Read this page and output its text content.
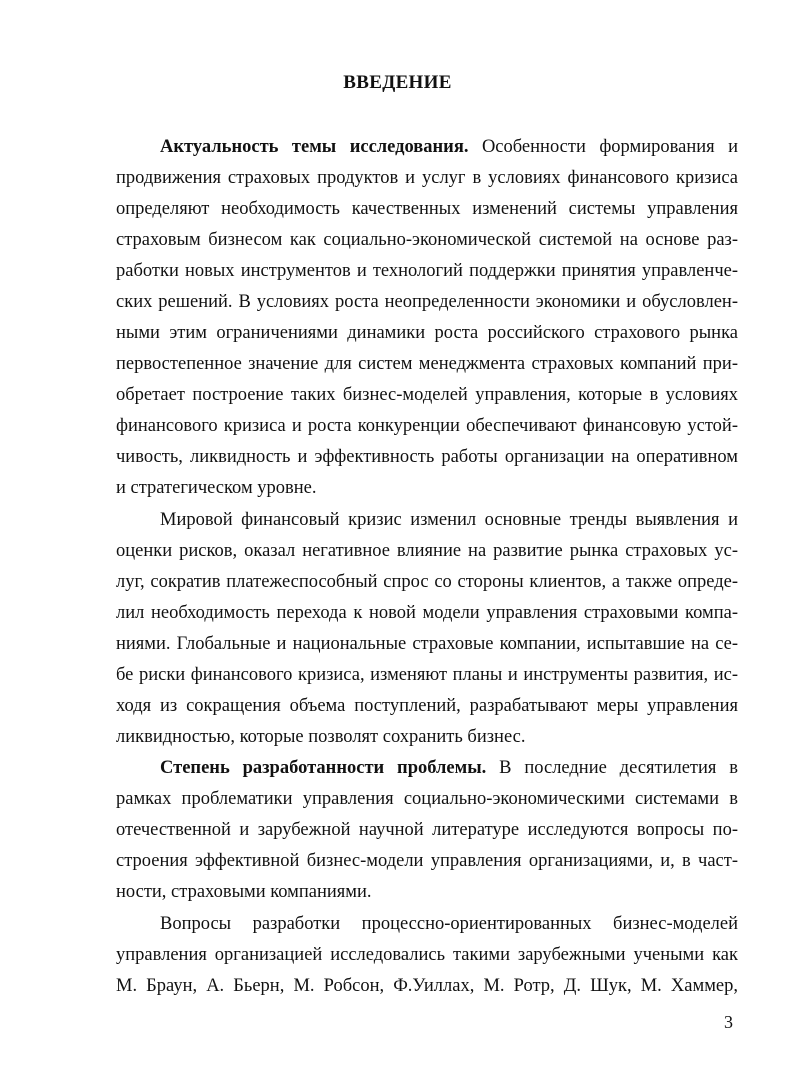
ВВЕДЕНИЕ
Актуальность темы исследования. Особенности формирования и
продвижения страховых продуктов и услуг в условиях финансового кризиса
определяют необходимость качественных изменений системы управления
страховым бизнесом как социально-экономической системой на основе раз-
работки новых инструментов и технологий поддержки принятия управленче-
ских решений. В условиях роста неопределенности экономики и обусловлен-
ными этим ограничениями динамики роста российского страхового рынка
первостепенное значение для систем менеджмента страховых компаний при-
обретает построение таких бизнес-моделей управления, которые в условиях
финансового кризиса и роста конкуренции обеспечивают финансовую устой-
чивость, ликвидность и эффективность работы организации на оперативном
и стратегическом уровне.
Мировой финансовый кризис изменил основные тренды выявления и
оценки рисков, оказал негативное влияние на развитие рынка страховых ус-
луг, сократив платежеспособный спрос со стороны клиентов, а также опреде-
лил необходимость перехода к новой модели управления страховыми компа-
ниями. Глобальные и национальные страховые компании, испытавшие на се-
бе риски финансового кризиса, изменяют планы и инструменты развития, ис-
ходя из сокращения объема поступлений, разрабатывают меры управления
ликвидностью, которые позволят сохранить бизнес.
Степень разработанности проблемы. В последние десятилетия в
рамках проблематики управления социально-экономическими системами в
отечественной и зарубежной научной литературе исследуются вопросы по-
строения эффективной бизнес-модели управления организациями, и, в част-
ности, страховыми компаниями.
Вопросы разработки процессно-ориентированных бизнес-моделей
управления организацией исследовались такими зарубежными учеными как
М. Браун, А. Бьерн, М. Робсон, Ф.Уиллах, М. Ротр, Д. Шук, М. Хаммер,
3
